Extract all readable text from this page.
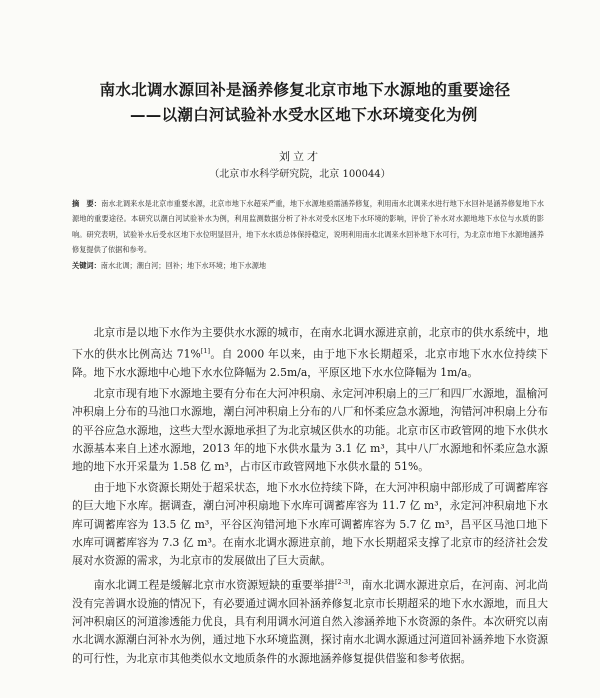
南水北调水源回补是涵养修复北京市地下水源地的重要途径
——以潮白河试验补水受水区地下水环境变化为例
刘立才
（北京市水科学研究院，北京 100044）
摘　要：南水北调来水是北京市重要水源，北京市地下水超采严重，地下水源地亟需涵养修复，利用南水北调来水进行地下水回补是涵养修复地下水源地的重要途径。本研究以潮白河试验补水为例，利用监测数据分析了补水对受水区地下水环境的影响，评价了补水对水源地地下水位与水质的影响。研究表明，试验补水后受水区地下水位明显回升，地下水水质总体保持稳定，说明利用南水北调来水回补地下水可行，为北京市地下水源地涵养修复提供了依据和参考。
关键词：南水北调；潮白河；回补；地下水环境；地下水源地

北京市是以地下水作为主要供水水源的城市，在南水北调水源进京前，北京市的供水系统中，地下水的供水比例高达 71%[1]。自 2000 年以来，由于地下水长期超采，北京市地下水水位持续下降。地下水水源地中心地下水水位降幅为 2.5m/a，平原区地下水水位降幅为 1m/a。

北京市现有地下水源地主要有分布在大河冲积扇、永定河冲积扇上的三厂和四厂水源地，温榆河冲积扇上分布的马池口水源地，潮白河冲积扇上分布的八厂和怀柔应急水源地，泃错河冲积扇上分布的平谷应急水源地，这些大型水源地承担了为北京城区供水的功能。北京市区市政管网的地下水供水水源基本来自上述水源地，2013 年的地下水供水量为 3.1 亿 m³，其中八厂水源地和怀柔应急水源地的地下水开采量为 1.58 亿 m³，占市区市政管网地下水供水量的 51%。

由于地下水资源长期处于超采状态，地下水水位持续下降，在大河冲积扇中部形成了可调蓄库容的巨大地下水库。据调查，潮白河冲积扇地下水库可调蓄库容为 11.7 亿 m³，永定河冲积扇地下水库可调蓄库容为 13.5 亿 m³，平谷区泃错河地下水库可调蓄库容为 5.7 亿 m³，昌平区马池口地下水库可调蓄库容为 7.3 亿 m³。在南水北调水源进京前，地下水长期超采支撑了北京市的经济社会发展对水资源的需求，为北京市的发展做出了巨大贡献。

南水北调工程是缓解北京市水资源短缺的重要举措[2-3]，南水北调水源进京后，在河南、河北尚没有完善调水设施的情况下，有必要通过调水回补涵养修复北京市长期超采的地下水水源地，而且大河冲积扇区的河道渗透能力优良，具有利用调水河道自然入渗涵养地下水资源的条件。本次研究以南水北调水源潮白河补水为例，通过地下水环境监测，探讨南水北调水源通过河道回补涵养地下水资源的可行性，为北京市其他类似水文地质条件的水源地涵养修复提供借鉴和参考依据。
